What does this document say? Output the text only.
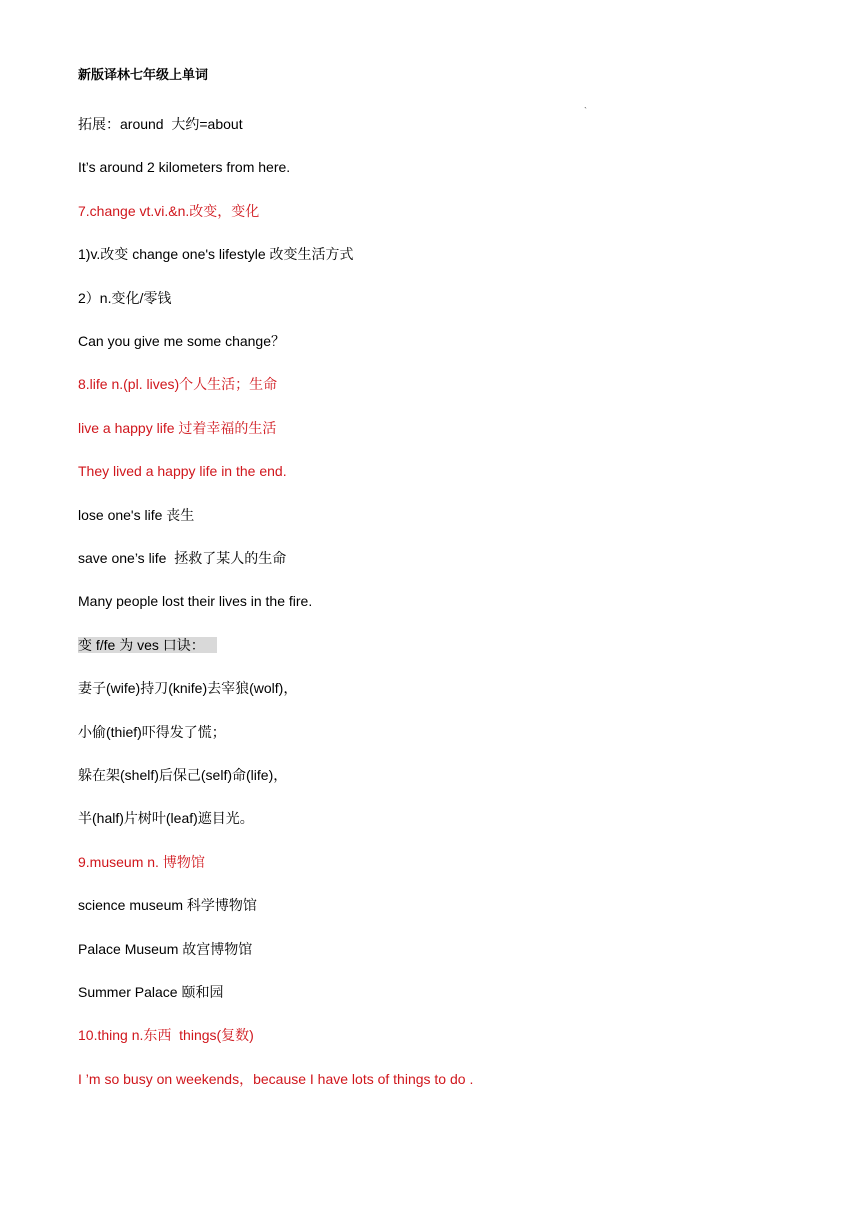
新版译林七年级上单词
`
拓展：around  大约=about
It’s around 2 kilometers from here.
7.change vt.vi.&n.改变，变化
1)v.改变 change one's lifestyle 改变生活方式
2）n.变化/零钱
Can you give me some change？
8.life n.(pl. lives)个人生活；生命
live a happy life 过着幸福的生活
They lived a happy life in the end.
lose one's life 丧生
save one’s life  拯救了某人的生命
Many people lost their lives in the fire.
变 f/fe 为 ves 口诀：
妻子(wife)持刀(knife)去宰狼(wolf)，
小偷(thief)吓得发了慌；
躲在架(shelf)后保己(self)命(life)，
半(half)片树叶(leaf)遮目光。
9.museum n. 博物馆
science museum 科学博物馆
Palace Museum 故宫博物馆
Summer Palace 颐和园
10.thing n.东西  things(复数)
I ’m so busy on weekends，because I have lots of things to do .
